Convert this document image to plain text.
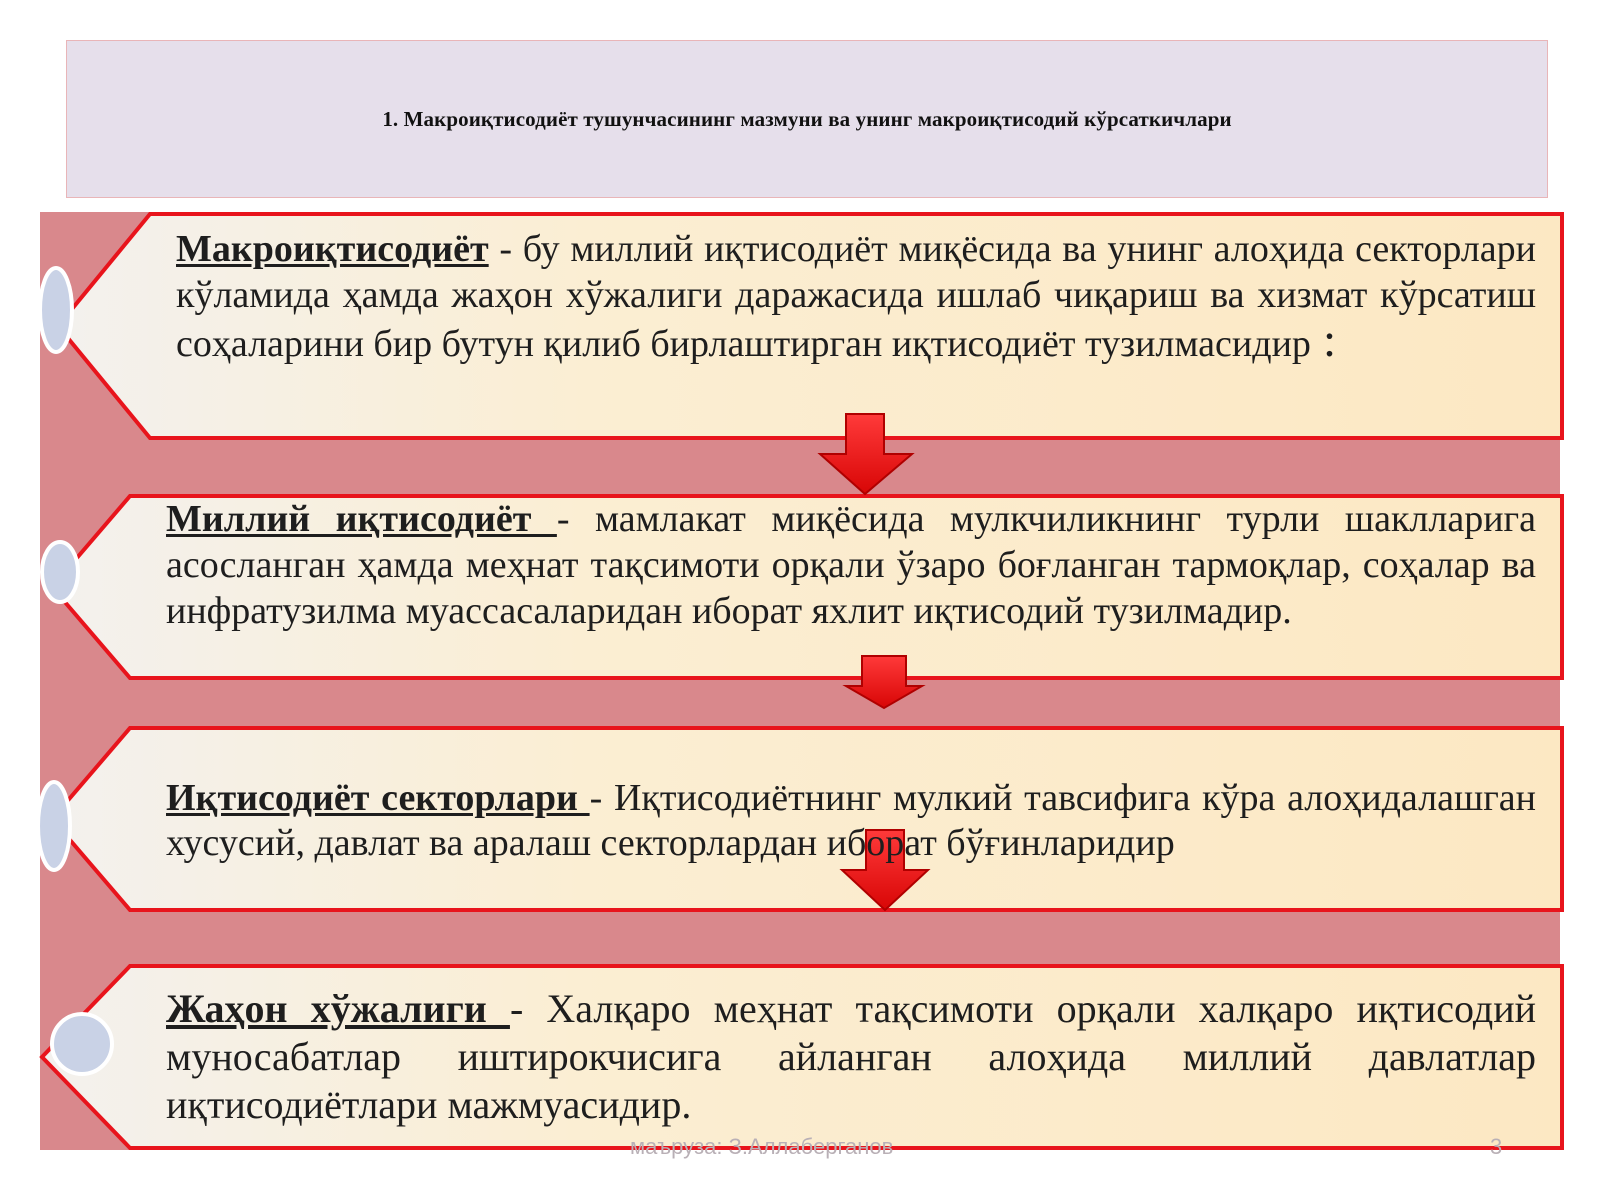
1. Макроиқтисодиёт тушунчасининг мазмуни ва унинг макроиқтисодий кўрсаткичлари

Макроиқтисодиёт - бу миллий иқтисодиёт миқёсида ва унинг алоҳида секторлари кўламида ҳамда жаҳон хўжалиги даражасида ишлаб чиқариш ва хизмат кўрсатиш соҳаларини бир бутун қилиб бирлаштирган иқтисодиёт тузилмасидир :

Миллий иқтисодиёт - мамлакат миқёсида мулкчиликнинг турли шаклларига асосланган ҳамда меҳнат тақсимоти орқали ўзаро боғланган тармоқлар, соҳалар ва инфратузилма муассасаларидан иборат яхлит иқтисодий тузилмадир.

Иқтисодиёт секторлари - Иқтисодиётнинг мулкий тавсифига кўра алоҳидалашган хусусий, давлат ва аралаш секторлардан иборат бўғинларидир

Жаҳон хўжалиги - Халқаро меҳнат тақсимоти орқали халқаро иқтисодий муносабатлар иштирокчисига айланган алоҳида миллий давлатлар иқтисодиётлари мажмуасидир.

маъруза: З.Аллаберганов	3
